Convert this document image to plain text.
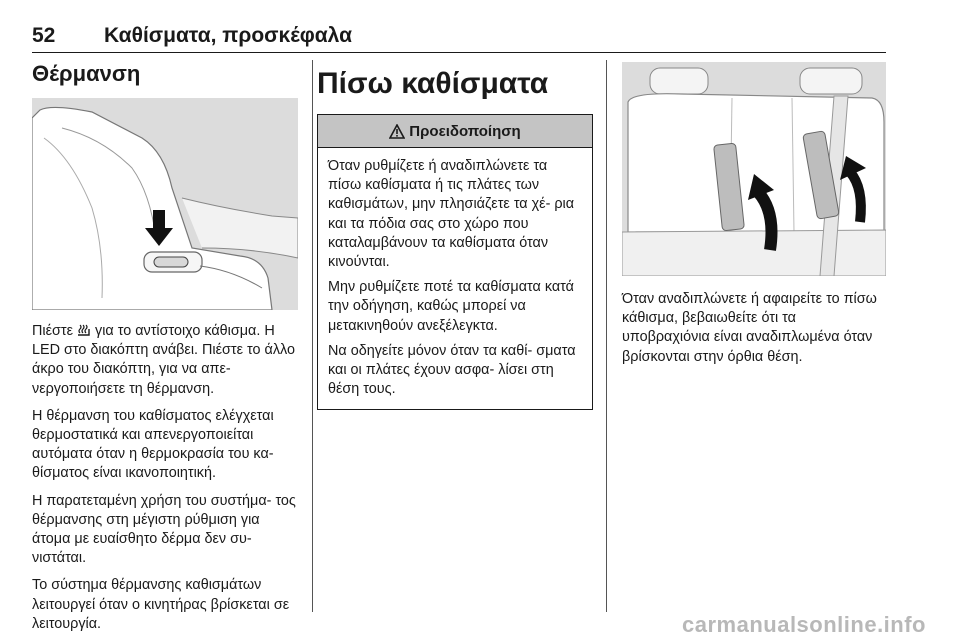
52	Καθίσματα, προσκέφαλα
Θέρμανση

Πιέστε  για το αντίστοιχο κάθισμα. Η LED στο διακόπτη ανάβει. Πιέστε το άλλο άκρο του διακόπτη, για να απε- νεργοποιήσετε τη θέρμανση.

Η θέρμανση του καθίσματος ελέγχεται θερμοστατικά και απενεργοποιείται αυτόματα όταν η θερμοκρασία του κα- θίσματος είναι ικανοποιητική.

Η παρατεταμένη χρήση του συστήμα- τος θέρμανσης στη μέγιστη ρύθμιση για άτομα με ευαίσθητο δέρμα δεν συ- νιστάται.

Το σύστημα θέρμανσης καθισμάτων λειτουργεί όταν ο κινητήρας βρίσκεται σε λειτουργία.

Πίσω καθίσματα
Προειδοποίηση

Όταν ρυθμίζετε ή αναδιπλώνετε τα πίσω καθίσματα ή τις πλάτες των καθισμάτων, μην πλησιάζετε τα χέ- ρια και τα πόδια σας στο χώρο που καταλαμβάνουν τα καθίσματα όταν κινούνται.

Μην ρυθμίζετε ποτέ τα καθίσματα κατά την οδήγηση, καθώς μπορεί να μετακινηθούν ανεξέλεγκτα.

Να οδηγείτε μόνον όταν τα καθί- σματα και οι πλάτες έχουν ασφα- λίσει στη θέση τους.

Όταν αναδιπλώνετε ή αφαιρείτε το πίσω κάθισμα, βεβαιωθείτε ότι τα υποβραχιόνια είναι αναδιπλωμένα όταν βρίσκονται στην όρθια θέση.

carmanualsonline.info
